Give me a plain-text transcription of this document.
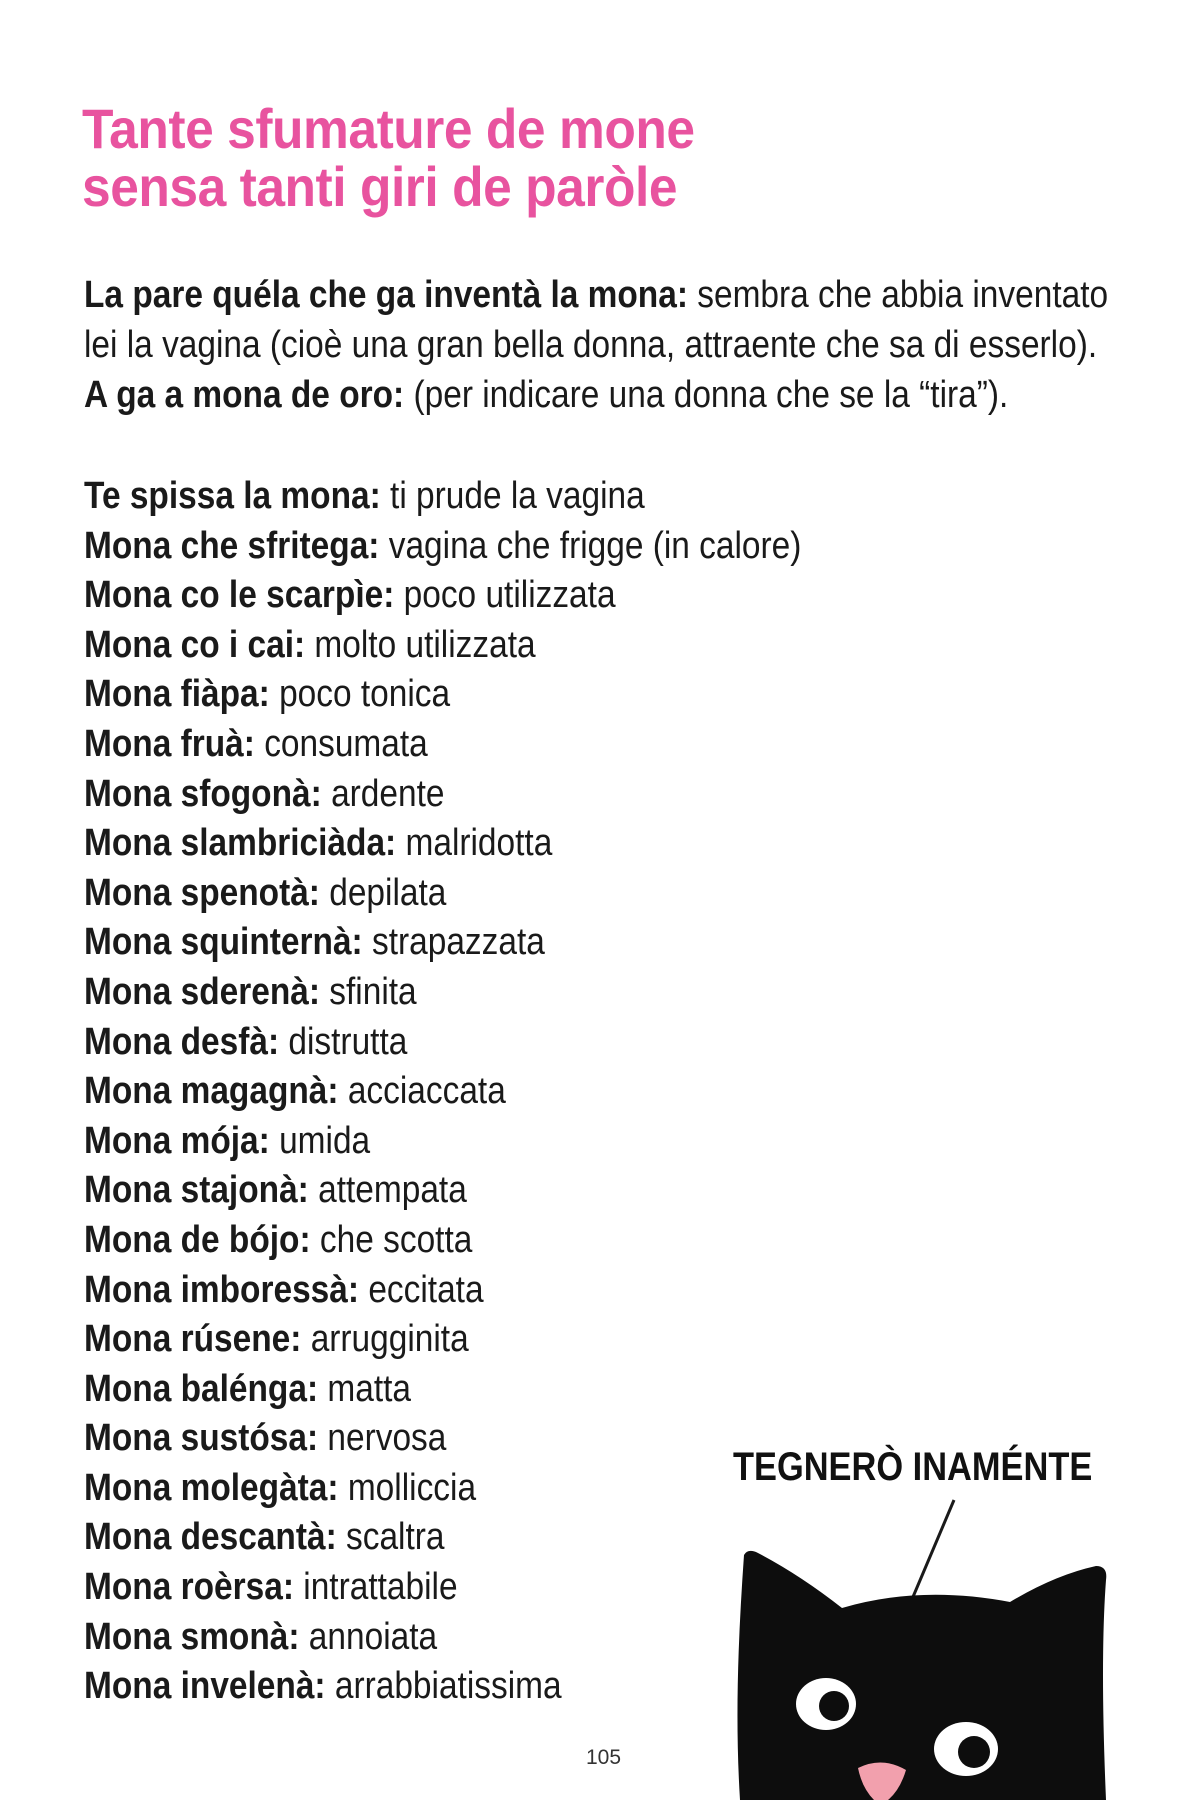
Tante sfumature de mone
sensa tanti giri de paròle

La pare quéla che ga inventà la mona: sembra che abbia inventato

lei la vagina (cioè una gran bella donna, attraente che sa di esserlo).

A ga a mona de oro: (per indicare una donna che se la “tira”).

Te spissa la mona: ti prude la vagina
Mona che sfritega: vagina che frigge (in calore)
Mona co le scarpìe: poco utilizzata
Mona co i cai: molto utilizzata
Mona fiàpa: poco tonica
Mona fruà: consumata
Mona sfogonà: ardente
Mona slambriciàda: malridotta
Mona spenotà: depilata
Mona squinternà: strapazzata
Mona sderenà: sfinita
Mona desfà: distrutta
Mona magagnà: acciaccata
Mona mója: umida
Mona stajonà: attempata
Mona de bójo: che scotta
Mona imboressà: eccitata
Mona rúsene: arrugginita
Mona balénga: matta
Mona sustósa: nervosa
Mona molegàta: molliccia
Mona descantà: scaltra
Mona roèrsa: intrattabile
Mona smonà: annoiata
Mona invelenà: arrabbiatissima
TEGNERÒ INAMÉNTE
105
